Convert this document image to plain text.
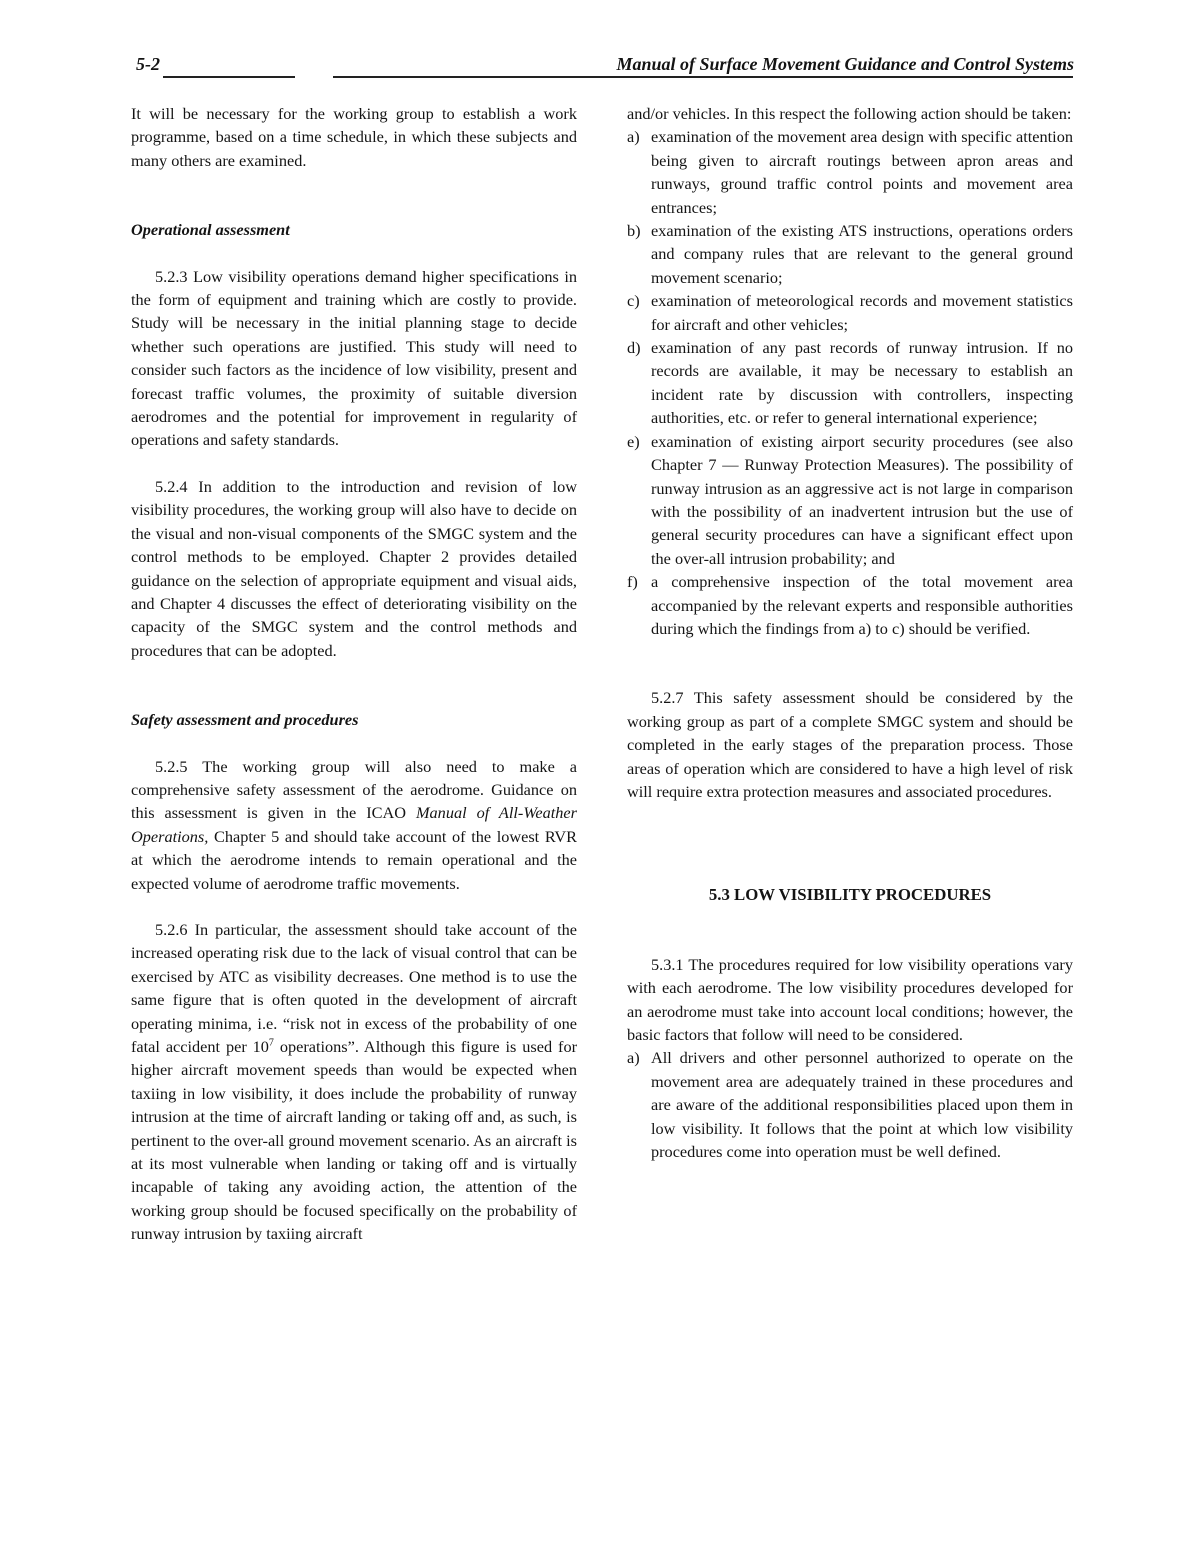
5-2	Manual of Surface Movement Guidance and Control Systems

It will be necessary for the working group to establish a work programme, based on a time schedule, in which these subjects and many others are examined.

Operational assessment

5.2.3 Low visibility operations demand higher specifications in the form of equipment and training which are costly to provide. Study will be necessary in the initial planning stage to decide whether such operations are justified. This study will need to consider such factors as the incidence of low visibility, present and forecast traffic volumes, the proximity of suitable diversion aerodromes and the potential for improvement in regularity of operations and safety standards.

5.2.4 In addition to the introduction and revision of low visibility procedures, the working group will also have to decide on the visual and non-visual components of the SMGC system and the control methods to be employed. Chapter 2 provides detailed guidance on the selection of appropriate equipment and visual aids, and Chapter 4 discusses the effect of deteriorating visibility on the capacity of the SMGC system and the control methods and procedures that can be adopted.

Safety assessment and procedures

5.2.5 The working group will also need to make a comprehensive safety assessment of the aerodrome. Guidance on this assessment is given in the ICAO Manual of All-Weather Operations, Chapter 5 and should take account of the lowest RVR at which the aerodrome intends to remain operational and the expected volume of aerodrome traffic movements.

5.2.6 In particular, the assessment should take account of the increased operating risk due to the lack of visual control that can be exercised by ATC as visibility decreases. One method is to use the same figure that is often quoted in the development of aircraft operating minima, i.e. “risk not in excess of the probability of one fatal accident per $10^7$ operations”. Although this figure is used for higher aircraft movement speeds than would be expected when taxiing in low visibility, it does include the probability of runway intrusion at the time of aircraft landing or taking off and, as such, is pertinent to the over-all ground movement scenario. As an aircraft is at its most vulnerable when landing or taking off and is virtually incapable of taking any avoiding action, the attention of the working group should be focused specifically on the probability of runway intrusion by taxiing aircraft

and/or vehicles. In this respect the following action should be taken:

a) examination of the movement area design with specific attention being given to aircraft routings between apron areas and runways, ground traffic control points and movement area entrances;
b) examination of the existing ATS instructions, operations orders and company rules that are relevant to the general ground movement scenario;
c) examination of meteorological records and movement statistics for aircraft and other vehicles;
d) examination of any past records of runway intrusion. If no records are available, it may be necessary to establish an incident rate by discussion with controllers, inspecting authorities, etc. or refer to general international experience;
e) examination of existing airport security procedures (see also Chapter 7 — Runway Protection Measures). The possibility of runway intrusion as an aggressive act is not large in comparison with the possibility of an inadvertent intrusion but the use of general security procedures can have a significant effect upon the over-all intrusion probability; and
f) a comprehensive inspection of the total movement area accompanied by the relevant experts and responsible authorities during which the findings from a) to c) should be verified.

5.2.7 This safety assessment should be considered by the working group as part of a complete SMGC system and should be completed in the early stages of the preparation process. Those areas of operation which are considered to have a high level of risk will require extra protection measures and associated procedures.

5.3 LOW VISIBILITY PROCEDURES

5.3.1 The procedures required for low visibility operations vary with each aerodrome. The low visibility procedures developed for an aerodrome must take into account local conditions; however, the basic factors that follow will need to be considered.

a) All drivers and other personnel authorized to operate on the movement area are adequately trained in these procedures and are aware of the additional responsibilities placed upon them in low visibility. It follows that the point at which low visibility procedures come into operation must be well defined.
